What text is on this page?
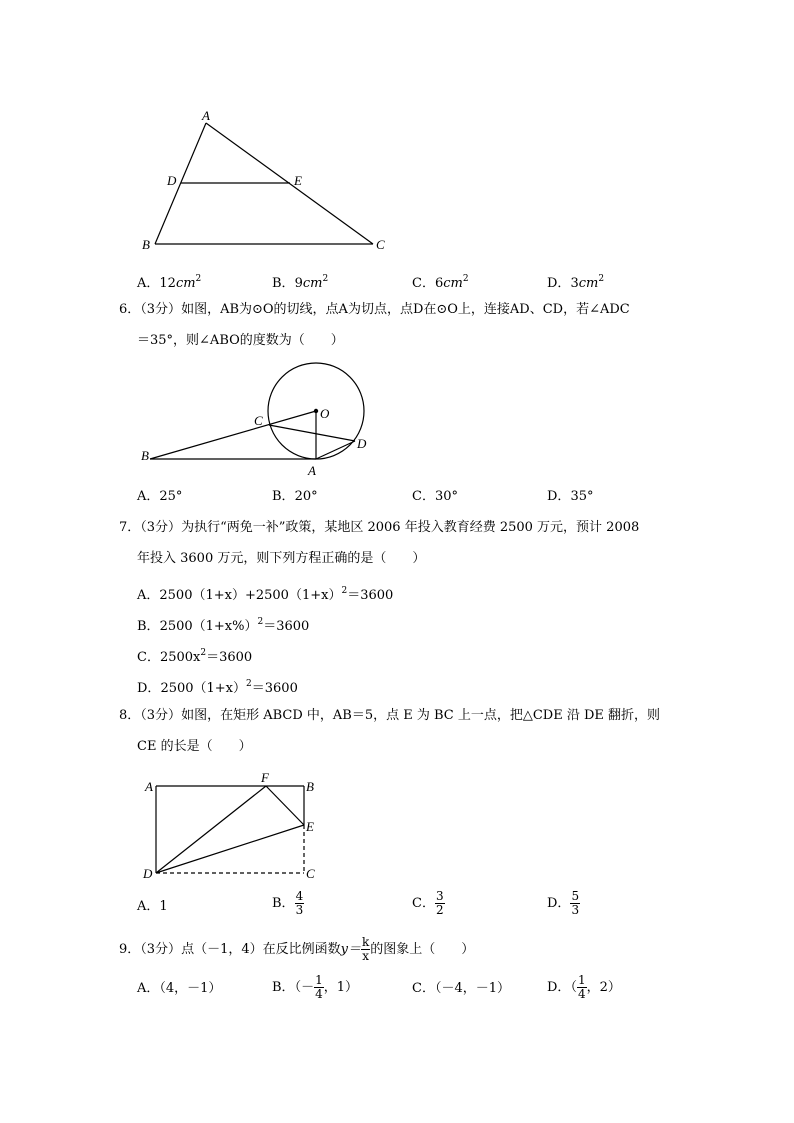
A
D	E
B	C
A．$12cm^2$	B．$9cm^2$	C．$6cm^2$	D．$3cm^2$
6．（3分）如图，AB为⊙O的切线，点A为切点，点D在⊙O上，连接AD、CD，若∠ADC
＝35°，则∠ABO的度数为（　　）
O
C
D
B
A
A．25°	B．20°	C．30°	D．35°
7．（3分）为执行“两免一补”政策，某地区 2006 年投入教育经费 2500 万元，预计 2008
年投入 3600 万元，则下列方程正确的是（　　）
A．$2500(1+x)+2500(1+x)^2=3600$
B．$2500(1+x\%)^2=3600$
C．$2500x^2=3600$
D．$2500(1+x)^2=3600$
8．（3分）如图，在矩形 ABCD 中，AB＝5，点 E 为 BC 上一点，把△CDE 沿 DE 翻折，则
CE 的长是（　　）
A	B
F
E
D	C
A．1	B． $\frac{4}{3}$	C． $\frac{3}{2}$	D． $\frac{5}{3}$
9．（3分）点（－1，4）在反比例函数$y= \frac{k}{x}$ 的图象上（　　）
A．（4，－1）	B．（－ $\frac{1}{4}$ ，1）	C．（－4，－1）	D．（ $\frac{1}{4}$ ，2）
